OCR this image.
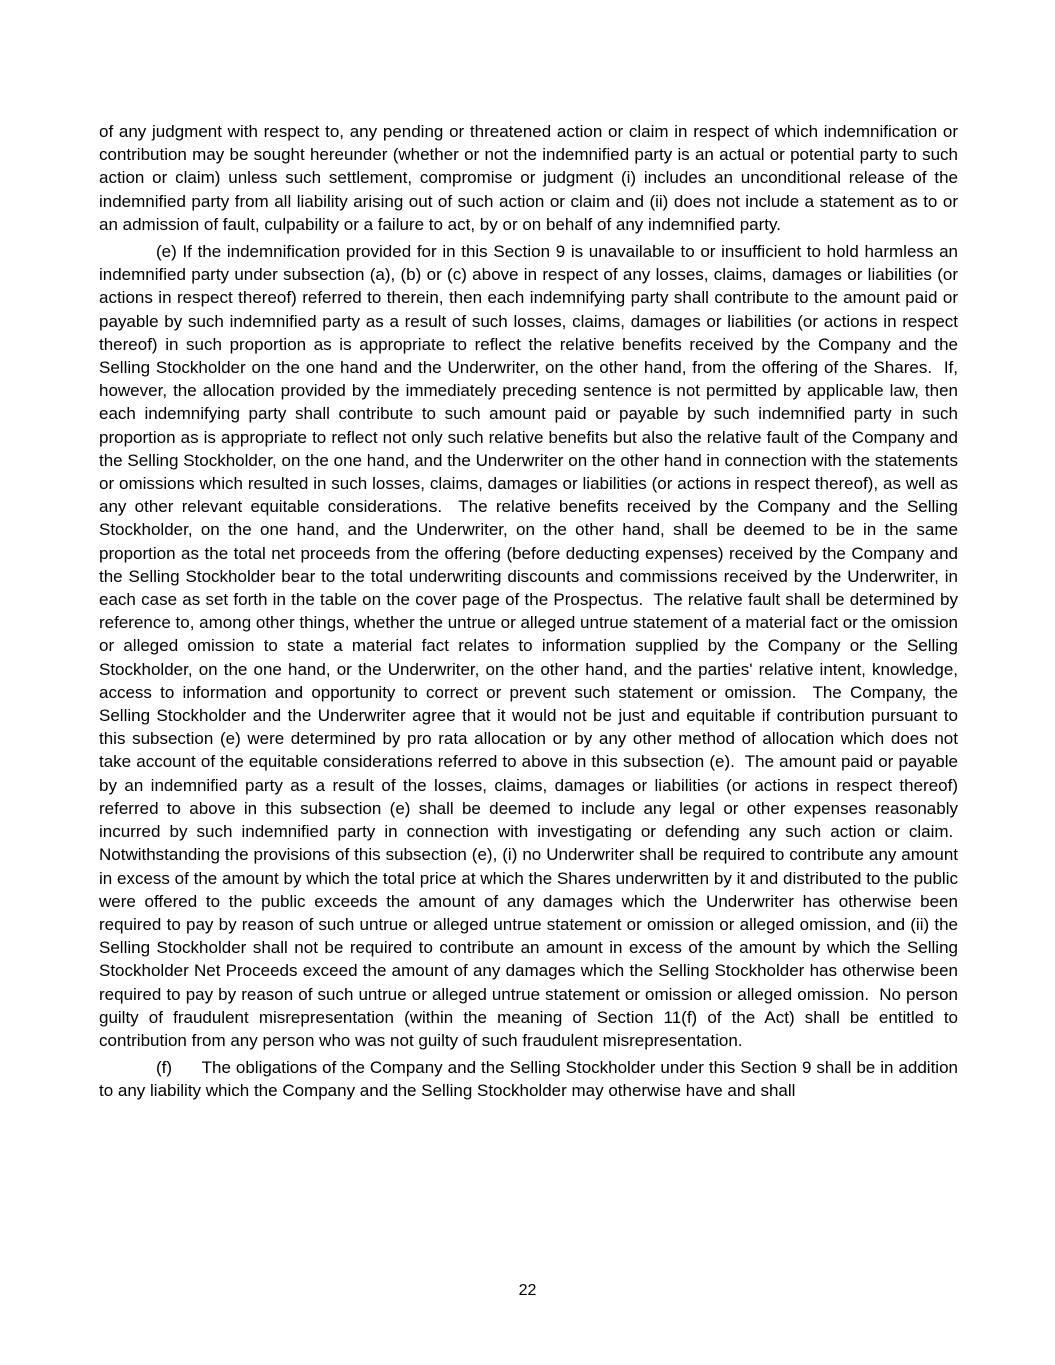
of any judgment with respect to, any pending or threatened action or claim in respect of which indemnification or contribution may be sought hereunder (whether or not the indemnified party is an actual or potential party to such action or claim) unless such settlement, compromise or judgment (i) includes an unconditional release of the indemnified party from all liability arising out of such action or claim and (ii) does not include a statement as to or an admission of fault, culpability or a failure to act, by or on behalf of any indemnified party.

(e) If the indemnification provided for in this Section 9 is unavailable to or insufficient to hold harmless an indemnified party under subsection (a), (b) or (c) above in respect of any losses, claims, damages or liabilities (or actions in respect thereof) referred to therein, then each indemnifying party shall contribute to the amount paid or payable by such indemnified party as a result of such losses, claims, damages or liabilities (or actions in respect thereof) in such proportion as is appropriate to reflect the relative benefits received by the Company and the Selling Stockholder on the one hand and the Underwriter, on the other hand, from the offering of the Shares.  If, however, the allocation provided by the immediately preceding sentence is not permitted by applicable law, then each indemnifying party shall contribute to such amount paid or payable by such indemnified party in such proportion as is appropriate to reflect not only such relative benefits but also the relative fault of the Company and the Selling Stockholder, on the one hand, and the Underwriter on the other hand in connection with the statements or omissions which resulted in such losses, claims, damages or liabilities (or actions in respect thereof), as well as any other relevant equitable considerations.  The relative benefits received by the Company and the Selling Stockholder, on the one hand, and the Underwriter, on the other hand, shall be deemed to be in the same proportion as the total net proceeds from the offering (before deducting expenses) received by the Company and the Selling Stockholder bear to the total underwriting discounts and commissions received by the Underwriter, in each case as set forth in the table on the cover page of the Prospectus.  The relative fault shall be determined by reference to, among other things, whether the untrue or alleged untrue statement of a material fact or the omission or alleged omission to state a material fact relates to information supplied by the Company or the Selling Stockholder, on the one hand, or the Underwriter, on the other hand, and the parties' relative intent, knowledge, access to information and opportunity to correct or prevent such statement or omission.  The Company, the Selling Stockholder and the Underwriter agree that it would not be just and equitable if contribution pursuant to this subsection (e) were determined by pro rata allocation or by any other method of allocation which does not take account of the equitable considerations referred to above in this subsection (e).  The amount paid or payable by an indemnified party as a result of the losses, claims, damages or liabilities (or actions in respect thereof) referred to above in this subsection (e) shall be deemed to include any legal or other expenses reasonably incurred by such indemnified party in connection with investigating or defending any such action or claim.  Notwithstanding the provisions of this subsection (e), (i) no Underwriter shall be required to contribute any amount in excess of the amount by which the total price at which the Shares underwritten by it and distributed to the public were offered to the public exceeds the amount of any damages which the Underwriter has otherwise been required to pay by reason of such untrue or alleged untrue statement or omission or alleged omission, and (ii) the Selling Stockholder shall not be required to contribute an amount in excess of the amount by which the Selling Stockholder Net Proceeds exceed the amount of any damages which the Selling Stockholder has otherwise been required to pay by reason of such untrue or alleged untrue statement or omission or alleged omission.  No person guilty of fraudulent misrepresentation (within the meaning of Section 11(f) of the Act) shall be entitled to contribution from any person who was not guilty of such fraudulent misrepresentation.

(f)      The obligations of the Company and the Selling Stockholder under this Section 9 shall be in addition to any liability which the Company and the Selling Stockholder may otherwise have and shall

22
